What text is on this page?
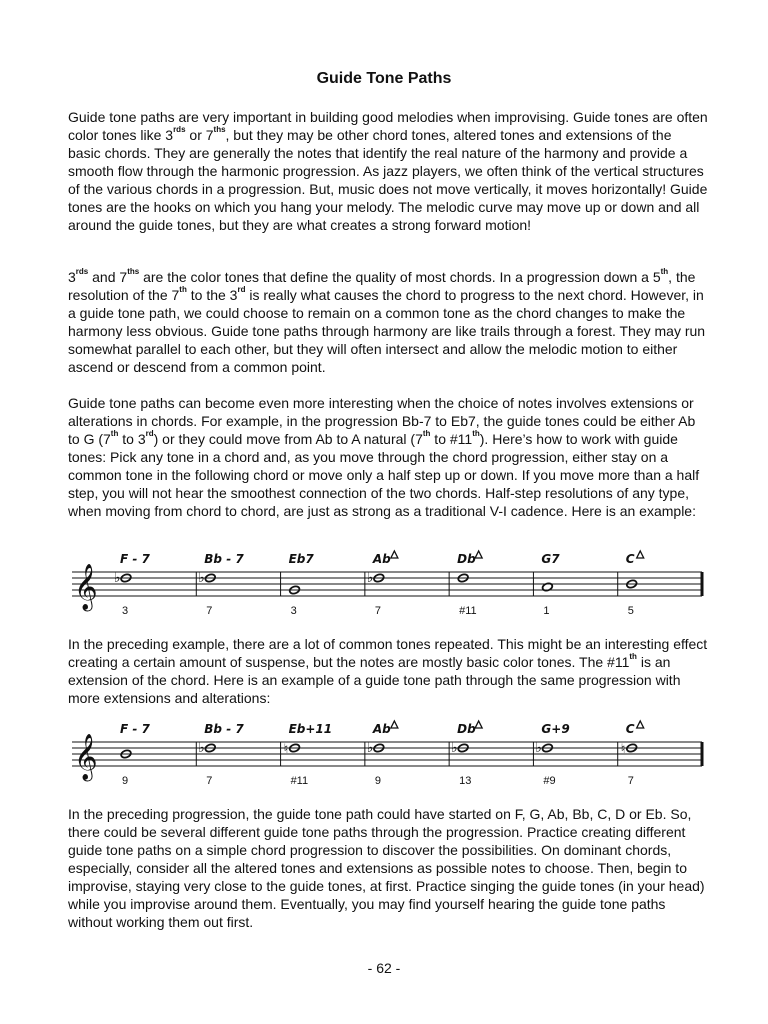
Guide Tone Paths

Guide tone paths are very important in building good melodies when improvising. Guide tones are often color tones like $3^{rds}$ or $7^{ths}$, but they may be other chord tones, altered tones and extensions of the basic chords. They are generally the notes that identify the real nature of the harmony and provide a smooth flow through the harmonic progression. As jazz players, we often think of the vertical structures of the various chords in a progression. But, music does not move vertically, it moves horizontally! Guide tones are the hooks on which you hang your melody. The melodic curve may move up or down and all around the guide tones, but they are what creates a strong forward motion!

$3^{rds}$ and $7^{ths}$ are the color tones that define the quality of most chords. In a progression down a 5th, the resolution of the 7th to the 3rd is really what causes the chord to progress to the next chord. However, in a guide tone path, we could choose to remain on a common tone as the chord changes to make the harmony less obvious. Guide tone paths through harmony are like trails through a forest. They may run somewhat parallel to each other, but they will often intersect and allow the melodic motion to either ascend or descend from a common point.

Guide tone paths can become even more interesting when the choice of notes involves extensions or alterations in chords. For example, in the progression Bb-7 to Eb7, the guide tones could be either Ab to G (7th to 3rd) or they could move from Ab to A natural (7th to #11th). Here’s how to work with guide tones: Pick any tone in a chord and, as you move through the chord progression, either stay on a common tone in the following chord or move only a half step up or down. If you move more than a half step, you will not hear the smoothest connection of the two chords. Half-step resolutions of any type, when moving from chord to chord, are just as strong as a traditional V-I cadence. Here is an example:

𝄞
F - 7
♭
3
Bb - 7
♭
7
Eb7
3
Ab
♭
7
Db
#11
G7
1
C
5

In the preceding example, there are a lot of common tones repeated. This might be an interesting effect creating a certain amount of suspense, but the notes are mostly basic color tones. The #11th is an extension of the chord. Here is an example of a guide tone path through the same progression with more extensions and alterations:

𝄞
F - 7
9
Bb - 7
♭
7
Eb+11
♮
#11
Ab
♭
9
Db
♭
13
G+9
♭
#9
C
♮
7

In the preceding progression, the guide tone path could have started on F, G, Ab, Bb, C, D or Eb. So, there could be several different guide tone paths through the progression. Practice creating different guide tone paths on a simple chord progression to discover the possibilities. On dominant chords, especially, consider all the altered tones and extensions as possible notes to choose. Then, begin to improvise, staying very close to the guide tones, at first. Practice singing the guide tones (in your head) while you improvise around them. Eventually, you may find yourself hearing the guide tone paths without working them out first.

- 62 -
